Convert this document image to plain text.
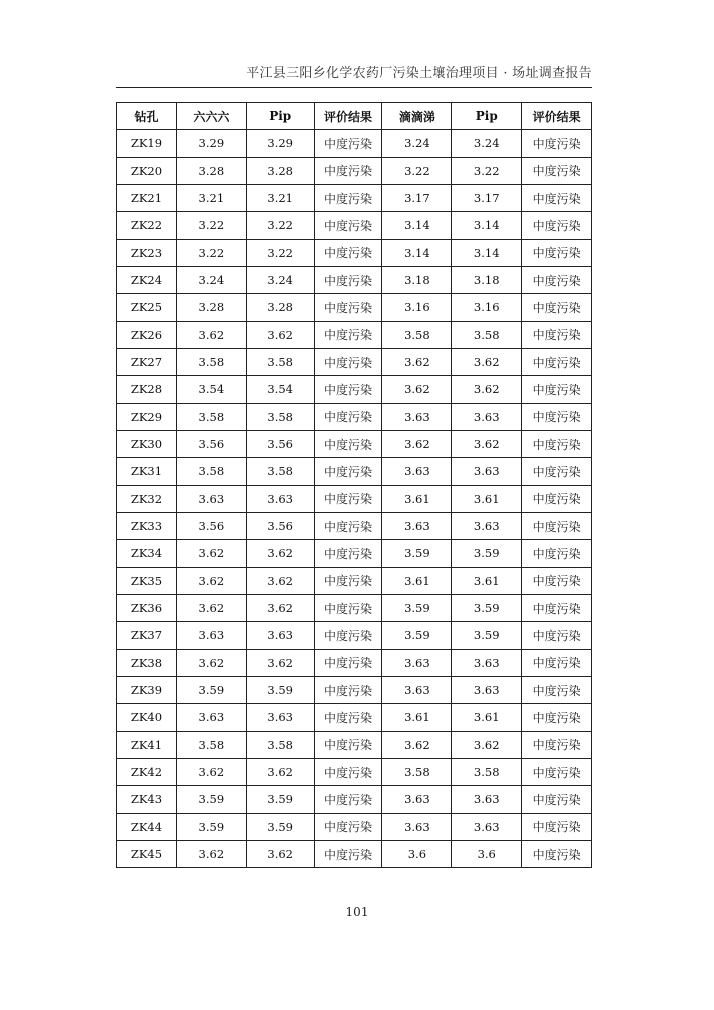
平江县三阳乡化学农药厂污染土壤治理项目 · 场址调查报告
钻孔	六六六	Pip	评价结果	滴滴涕	Pip	评价结果
ZK19	3.29	3.29	中度污染	3.24	3.24	中度污染
ZK20	3.28	3.28	中度污染	3.22	3.22	中度污染
ZK21	3.21	3.21	中度污染	3.17	3.17	中度污染
ZK22	3.22	3.22	中度污染	3.14	3.14	中度污染
ZK23	3.22	3.22	中度污染	3.14	3.14	中度污染
ZK24	3.24	3.24	中度污染	3.18	3.18	中度污染
ZK25	3.28	3.28	中度污染	3.16	3.16	中度污染
ZK26	3.62	3.62	中度污染	3.58	3.58	中度污染
ZK27	3.58	3.58	中度污染	3.62	3.62	中度污染
ZK28	3.54	3.54	中度污染	3.62	3.62	中度污染
ZK29	3.58	3.58	中度污染	3.63	3.63	中度污染
ZK30	3.56	3.56	中度污染	3.62	3.62	中度污染
ZK31	3.58	3.58	中度污染	3.63	3.63	中度污染
ZK32	3.63	3.63	中度污染	3.61	3.61	中度污染
ZK33	3.56	3.56	中度污染	3.63	3.63	中度污染
ZK34	3.62	3.62	中度污染	3.59	3.59	中度污染
ZK35	3.62	3.62	中度污染	3.61	3.61	中度污染
ZK36	3.62	3.62	中度污染	3.59	3.59	中度污染
ZK37	3.63	3.63	中度污染	3.59	3.59	中度污染
ZK38	3.62	3.62	中度污染	3.63	3.63	中度污染
ZK39	3.59	3.59	中度污染	3.63	3.63	中度污染
ZK40	3.63	3.63	中度污染	3.61	3.61	中度污染
ZK41	3.58	3.58	中度污染	3.62	3.62	中度污染
ZK42	3.62	3.62	中度污染	3.58	3.58	中度污染
ZK43	3.59	3.59	中度污染	3.63	3.63	中度污染
ZK44	3.59	3.59	中度污染	3.63	3.63	中度污染
ZK45	3.62	3.62	中度污染	3.6	3.6	中度污染
101
